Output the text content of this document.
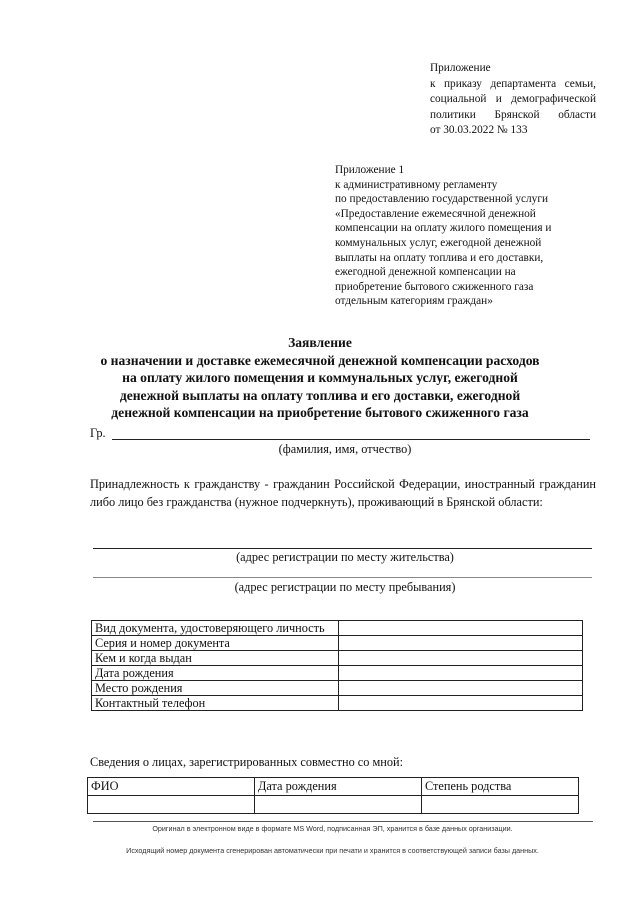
Приложение
к приказу департамента семьи,
социальной и демографической
политики Брянской области
от 30.03.2022 № 133
Приложение 1
к административному регламенту
по предоставлению государственной услуги
«Предоставление ежемесячной денежной
компенсации на оплату жилого помещения и
коммунальных услуг, ежегодной денежной
выплаты на оплату топлива и его доставки,
ежегодной денежной компенсации на
приобретение бытового сжиженного газа
отдельным категориям граждан»
Заявление
о назначении и доставке ежемесячной денежной компенсации расходов
на оплату жилого помещения и коммунальных услуг, ежегодной
денежной выплаты на оплату топлива и его доставки, ежегодной
денежной компенсации на приобретение бытового сжиженного газа
Гр.
(фамилия, имя, отчество)
Принадлежность к гражданству - гражданин Российской Федерации, иностранный гражданин либо лицо без гражданства (нужное подчеркнуть), проживающий в Брянской области:
(адрес регистрации по месту жительства)
(адрес регистрации по месту пребывания)
Вид документа, удостоверяющего личность	

Серия и номер документа	
Кем и когда выдан	
Дата рождения	
Место рождения	
Контактный телефон	
Сведения о лицах, зарегистрированных совместно со мной:
ФИО	Дата рождения	Степень родства

Оригинал в электронном виде в формате MS Word, подписанная ЭП, хранится в базе данных организации.
Исходящий номер документа сгенерирован автоматически при печати и хранится в соответствующей записи базы данных.
